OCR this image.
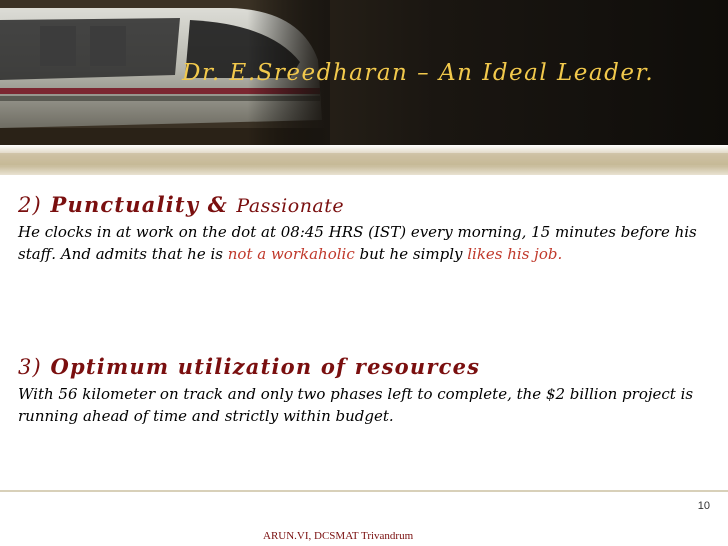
Dr. E.Sreedharan – An Ideal Leader.
2) Punctuality & Passionate
He clocks in at work on the dot at 08:45 HRS (IST) every morning, 15 minutes before his staff. And admits that he is not a workaholic but he simply likes his job.
3) Optimum utilization of resources
With 56 kilometer on track and only two phases left to complete, the $2 billion project is running ahead of time and strictly within budget.
10
ARUN.VI, DCSMAT Trivandrum
